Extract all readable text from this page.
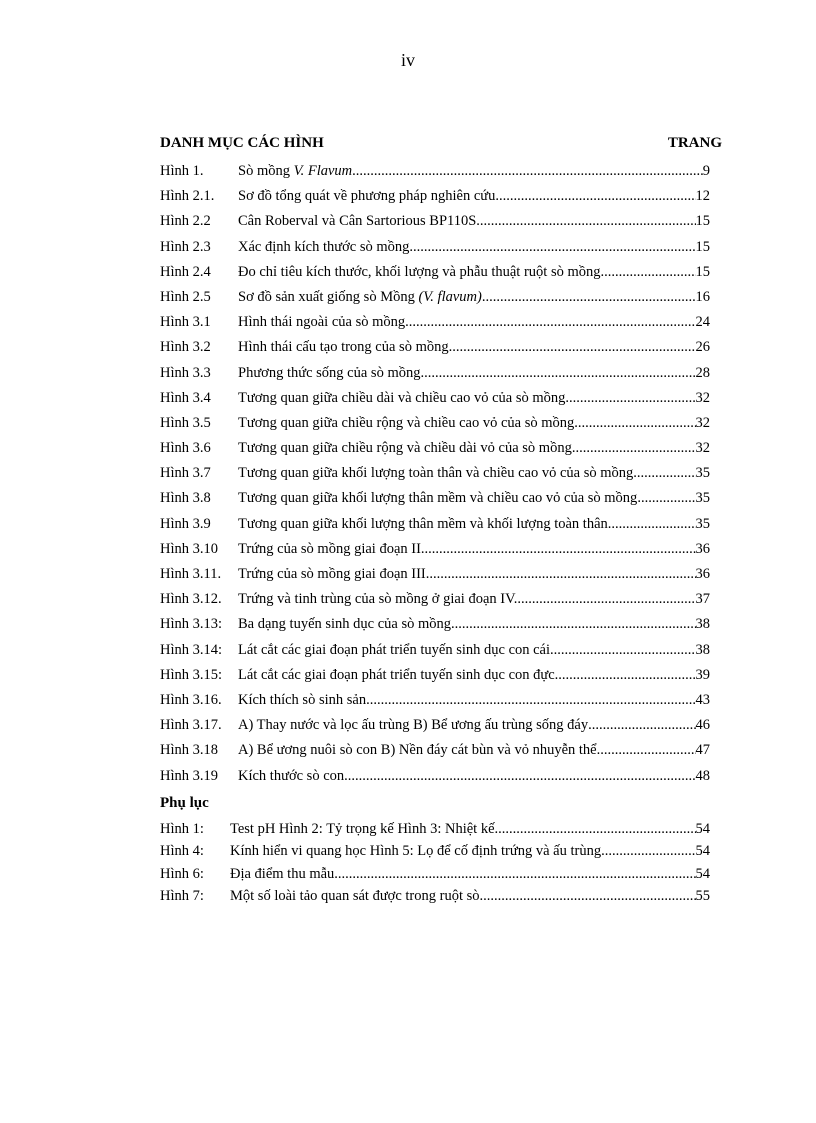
iv
DANH MỤC CÁC HÌNH	TRANG
Hình 1.	Sò mồng V. Flavum .....	9
Hình 2.1.	Sơ đồ tổng quát về phương pháp nghiên cứu .....	12
Hình 2.2	Cân Roberval và Cân Sartorious BP110S .....	15
Hình 2.3	Xác định kích thước sò mồng .....	15
Hình 2.4	Đo chỉ tiêu kích thước, khối lượng và phẫu thuật ruột sò mồng .....	15
Hình 2.5	Sơ đồ sản xuất giống sò Mồng (V. flavum) .....	16
Hình 3.1	Hình thái ngoài của sò mồng .....	24
Hình 3.2	Hình thái cấu tạo trong của sò mồng .....	26
Hình 3.3	Phương thức sống của sò mồng .....	28
Hình 3.4	Tương quan giữa chiều dài và chiều cao vỏ của sò mồng .....	32
Hình 3.5	Tương quan giữa chiều rộng và chiều cao vỏ của sò mồng .....	32
Hình 3.6	Tương quan giữa chiều rộng và chiều dài vỏ của sò mồng .....	32
Hình 3.7	Tương quan giữa khối lượng toàn thân và chiều cao vỏ của sò mồng .....	35
Hình 3.8	Tương quan giữa khối lượng thân mềm và chiều cao vỏ của sò mồng .....	35
Hình 3.9	Tương quan giữa khối lượng thân mềm và khối lượng toàn thân .....	35
Hình 3.10	Trứng của sò mồng giai đoạn II .....	36
Hình 3.11.	Trứng của sò mồng giai đoạn III .....	36
Hình 3.12.	Trứng và tinh trùng của sò mồng ở giai đoạn IV. .....	37
Hình 3.13:	Ba dạng tuyến sinh dục của sò mồng .....	38
Hình 3.14:	Lát cắt các giai đoạn phát triển tuyến sinh dục con cái .....	38
Hình 3.15:	Lát cắt các giai đoạn phát triển tuyến sinh dục con đực .....	39
Hình 3.16.	Kích thích sò sinh sản .....	43
Hình 3.17.	A) Thay nước và lọc ấu trùng B) Bể ương ấu trùng sống đáy .....	46
Hình 3.18	A) Bể ương nuôi sò con B) Nền đáy cát bùn và vỏ nhuyễn thể .....	47
Hình 3.19	Kích thước sò con .....	48
Phụ lục
Hình 1:	Test pH Hình 2: Tỷ trọng kế Hình 3: Nhiệt kế .....	54
Hình 4:	Kính hiển vi quang học Hình 5: Lọ để cố định trứng và ấu trùng .....	54
Hình 6:	Địa điểm thu mẫu .....	54
Hình 7:	Một số loài tảo quan sát được trong ruột sò .....	55
